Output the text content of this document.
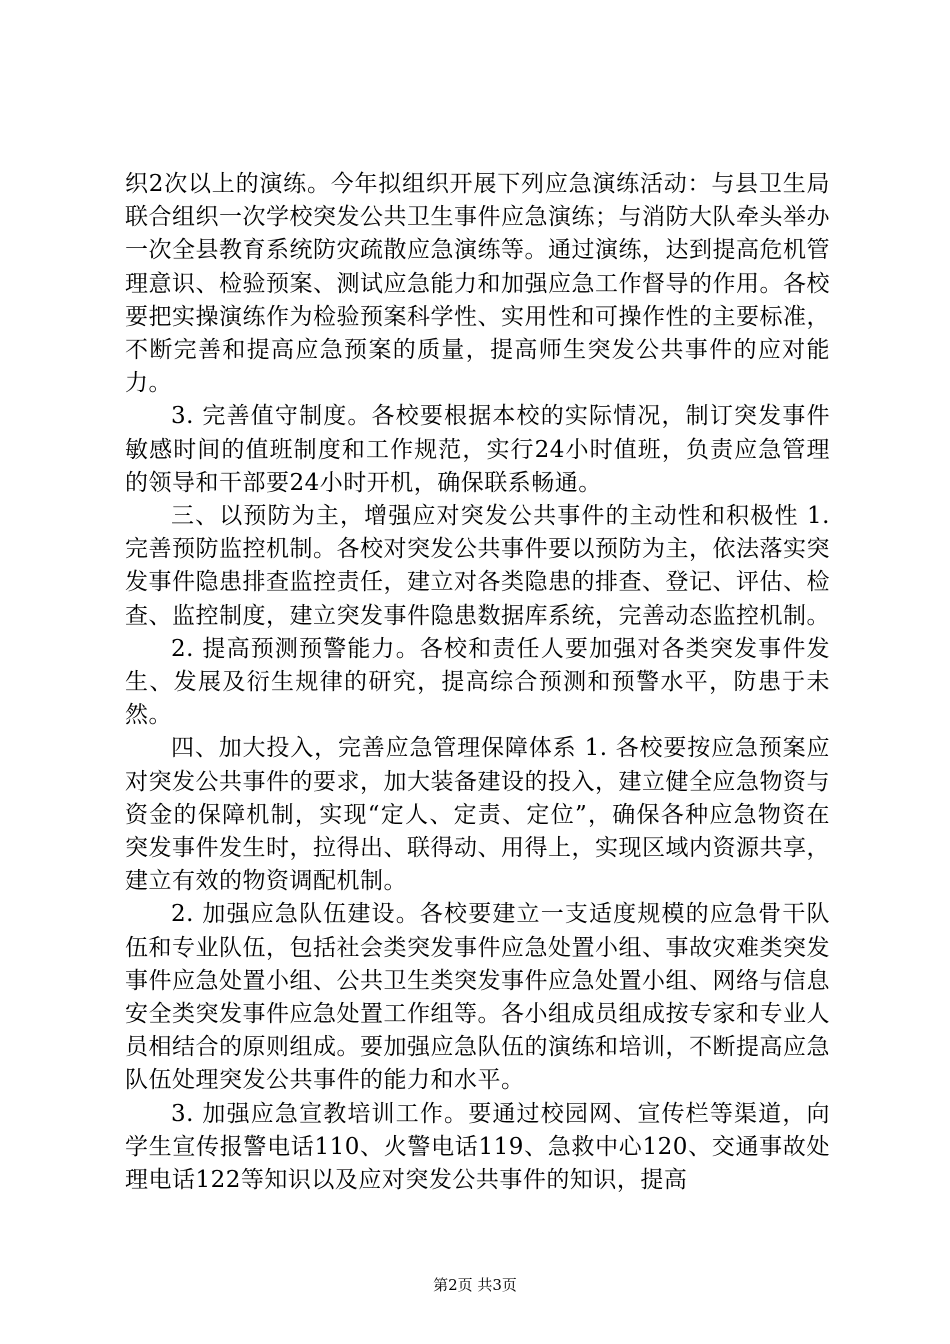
织2次以上的演练。今年拟组织开展下列应急演练活动：与县卫生局联合组织一次学校突发公共卫生事件应急演练；与消防大队牵头举办一次全县教育系统防灾疏散应急演练等。通过演练，达到提高危机管理意识、检验预案、测试应急能力和加强应急工作督导的作用。各校要把实操演练作为检验预案科学性、实用性和可操作性的主要标准，不断完善和提高应急预案的质量，提高师生突发公共事件的应对能力。

3. 完善值守制度。各校要根据本校的实际情况，制订突发事件敏感时间的值班制度和工作规范，实行24小时值班，负责应急管理的领导和干部要24小时开机，确保联系畅通。

三、以预防为主，增强应对突发公共事件的主动性和积极性 1. 完善预防监控机制。各校对突发公共事件要以预防为主，依法落实突发事件隐患排查监控责任，建立对各类隐患的排查、登记、评估、检查、监控制度，建立突发事件隐患数据库系统，完善动态监控机制。

2. 提高预测预警能力。各校和责任人要加强对各类突发事件发生、发展及衍生规律的研究，提高综合预测和预警水平，防患于未然。

四、加大投入，完善应急管理保障体系 1. 各校要按应急预案应对突发公共事件的要求，加大装备建设的投入，建立健全应急物资与资金的保障机制，实现“定人、定责、定位”，确保各种应急物资在突发事件发生时，拉得出、联得动、用得上，实现区域内资源共享，建立有效的物资调配机制。

2. 加强应急队伍建设。各校要建立一支适度规模的应急骨干队伍和专业队伍，包括社会类突发事件应急处置小组、事故灾难类突发事件应急处置小组、公共卫生类突发事件应急处置小组、网络与信息安全类突发事件应急处置工作组等。各小组成员组成按专家和专业人员相结合的原则组成。要加强应急队伍的演练和培训，不断提高应急队伍处理突发公共事件的能力和水平。

3. 加强应急宣教培训工作。要通过校园网、宣传栏等渠道，向学生宣传报警电话110、火警电话119、急救中心120、交通事故处理电话122等知识以及应对突发公共事件的知识，提高

第2页 共3页
